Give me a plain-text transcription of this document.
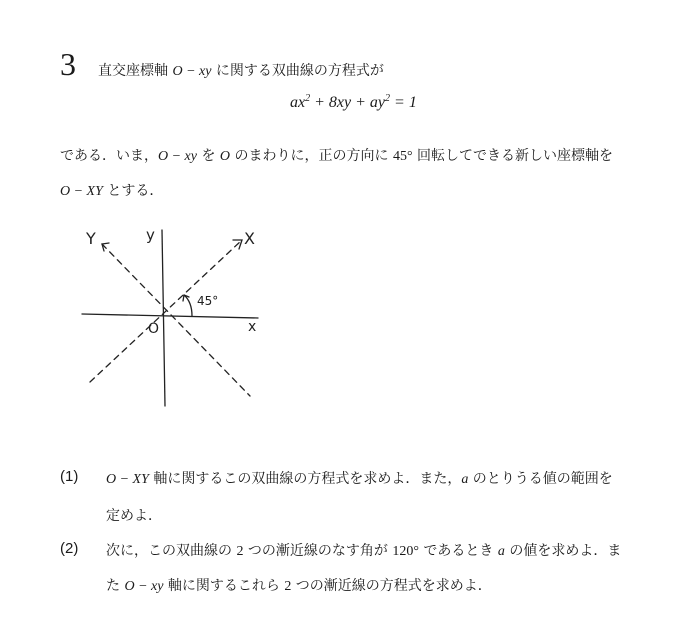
3 直交座標軸 O − xy に関する双曲線の方程式が
$ax^2 + 8xy + ay^2 = 1$
である．いま，O − xy を O のまわりに，正の方向に 45° 回転してできる新しい座標軸を
O − XY とする．
Y	y	X
x
O
45°
(1) O − XY 軸に関するこの双曲線の方程式を求めよ．また，a のとりうる値の範囲を
定めよ．
(2) 次に，この双曲線の 2 つの漸近線のなす角が 120° であるとき a の値を求めよ．ま
た O − xy 軸に関するこれら 2 つの漸近線の方程式を求めよ．
